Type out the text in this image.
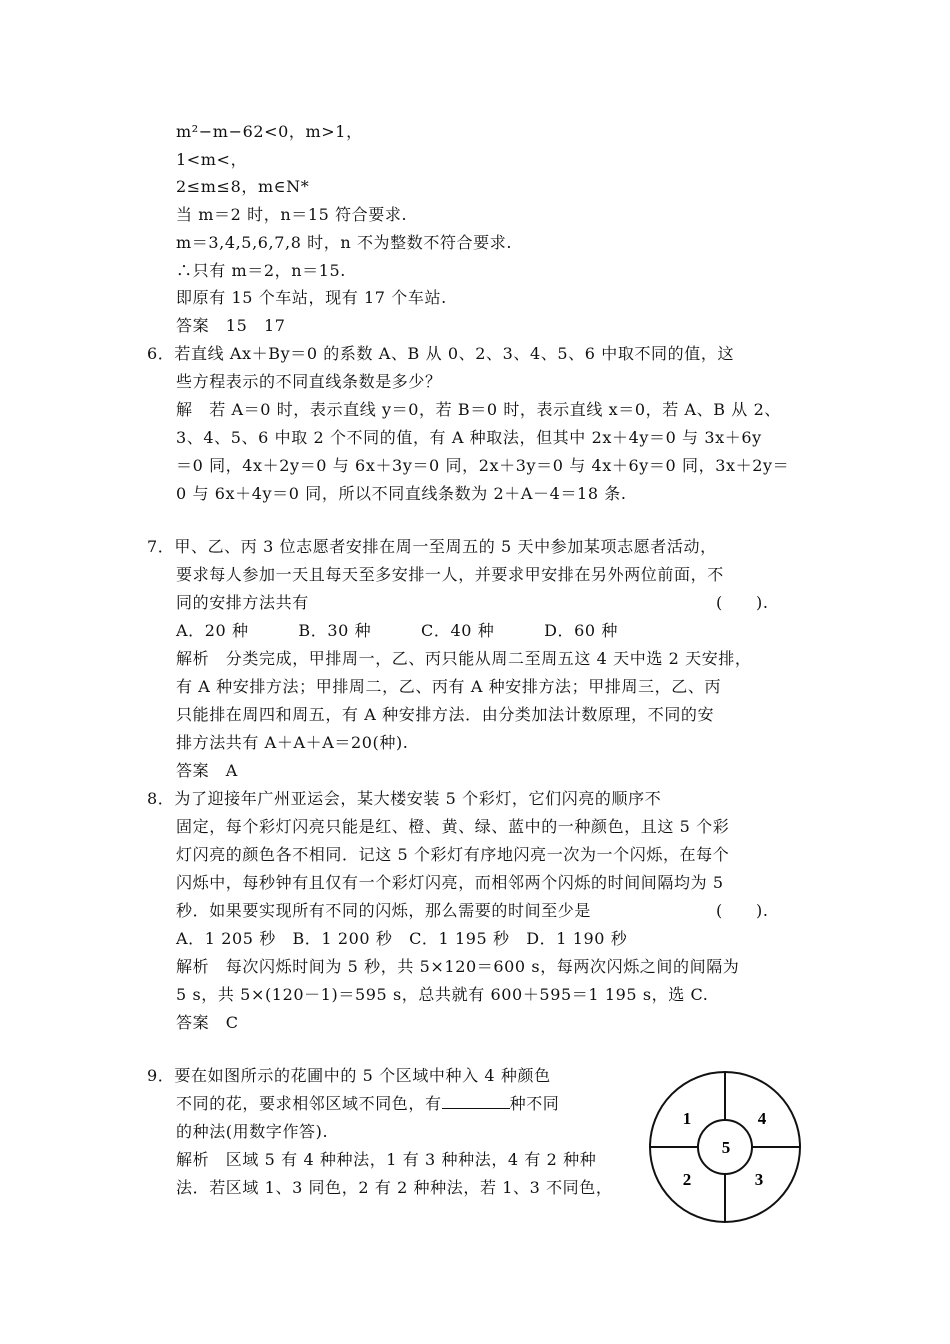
m²−m−62<0，m>1，
1<m<，
2≤m≤8，m∈N*
当 m＝2 时，n＝15 符合要求.
m＝3,4,5,6,7,8 时，n 不为整数不符合要求.
∴只有 m＝2，n＝15.
即原有 15 个车站，现有 17 个车站.
答案　15　17
6．若直线 Ax＋By＝0 的系数 A、B 从 0、2、3、4、5、6 中取不同的值，这
些方程表示的不同直线条数是多少？
解　若 A＝0 时，表示直线 y＝0，若 B＝0 时，表示直线 x＝0，若 A、B 从 2、
3、4、5、6 中取 2 个不同的值，有 A 种取法，但其中 2x＋4y＝0 与 3x＋6y
＝0 同，4x＋2y＝0 与 6x＋3y＝0 同，2x＋3y＝0 与 4x＋6y＝0 同，3x＋2y＝
0 与 6x＋4y＝0 同，所以不同直线条数为 2＋A－4＝18 条.
7．甲、乙、丙 3 位志愿者安排在周一至周五的 5 天中参加某项志愿者活动，
要求每人参加一天且每天至多安排一人，并要求甲安排在另外两位前面，不
同的安排方法共有	(　　).
A．20 种　　　B．30 种　　　C．40 种　　　D．60 种
解析　分类完成，甲排周一，乙、丙只能从周二至周五这 4 天中选 2 天安排，
有 A 种安排方法；甲排周二，乙、丙有 A 种安排方法；甲排周三，乙、丙
只能排在周四和周五，有 A 种安排方法．由分类加法计数原理，不同的安
排方法共有 A＋A＋A＝20(种).
答案　A
8．为了迎接年广州亚运会，某大楼安装 5 个彩灯，它们闪亮的顺序不
固定，每个彩灯闪亮只能是红、橙、黄、绿、蓝中的一种颜色，且这 5 个彩
灯闪亮的颜色各不相同．记这 5 个彩灯有序地闪亮一次为一个闪烁，在每个
闪烁中，每秒钟有且仅有一个彩灯闪亮，而相邻两个闪烁的时间间隔均为 5
秒．如果要实现所有不同的闪烁，那么需要的时间至少是	(　　).
A．1 205 秒　B．1 200 秒　C．1 195 秒　D．1 190 秒
解析　每次闪烁时间为 5 秒，共 5×120＝600 s，每两次闪烁之间的间隔为
5 s，共 5×(120－1)＝595 s，总共就有 600＋595＝1 195 s，选 C.
答案　C
9．要在如图所示的花圃中的 5 个区域中种入 4 种颜色
不同的花，要求相邻区域不同色，有	种不同
的种法(用数字作答).
解析　区域 5 有 4 种种法，1 有 3 种种法，4 有 2 种种
法．若区域 1、3 同色，2 有 2 种种法，若 1、3 不同色，
1	4
5
2	3
